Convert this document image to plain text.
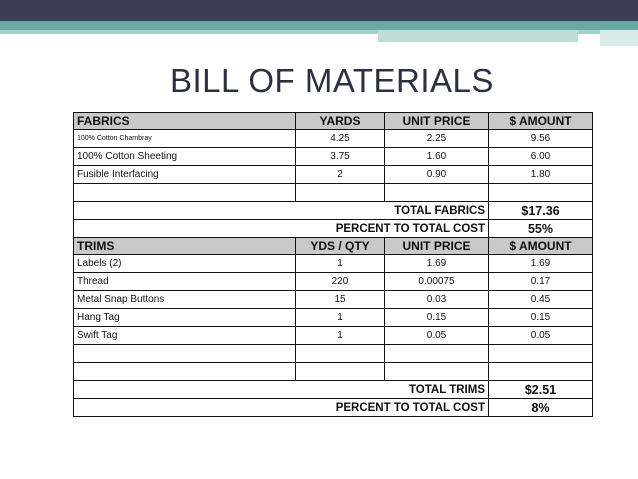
BILL OF MATERIALS
FABRICS	YARDS	UNIT PRICE	$ AMOUNT
100% Cotton Chambray	4.25	2.25	9.56
100% Cotton Sheeting	3.75	1.60	6.00
Fusible Interfacing	2	0.90	1.80

TOTAL FABRICS			$17.36
PERCENT TO TOTAL COST			55%
TRIMS	YDS / QTY	UNIT PRICE	$ AMOUNT
Labels (2)	1	1.69	1.69
Thread	220	0.00075	0.17
Metal Snap Buttons	15	0.03	0.45
Hang Tag	1	0.15	0.15
Swift Tag	1	0.05	0.05

TOTAL TRIMS			$2.51
PERCENT TO TOTAL COST			8%
